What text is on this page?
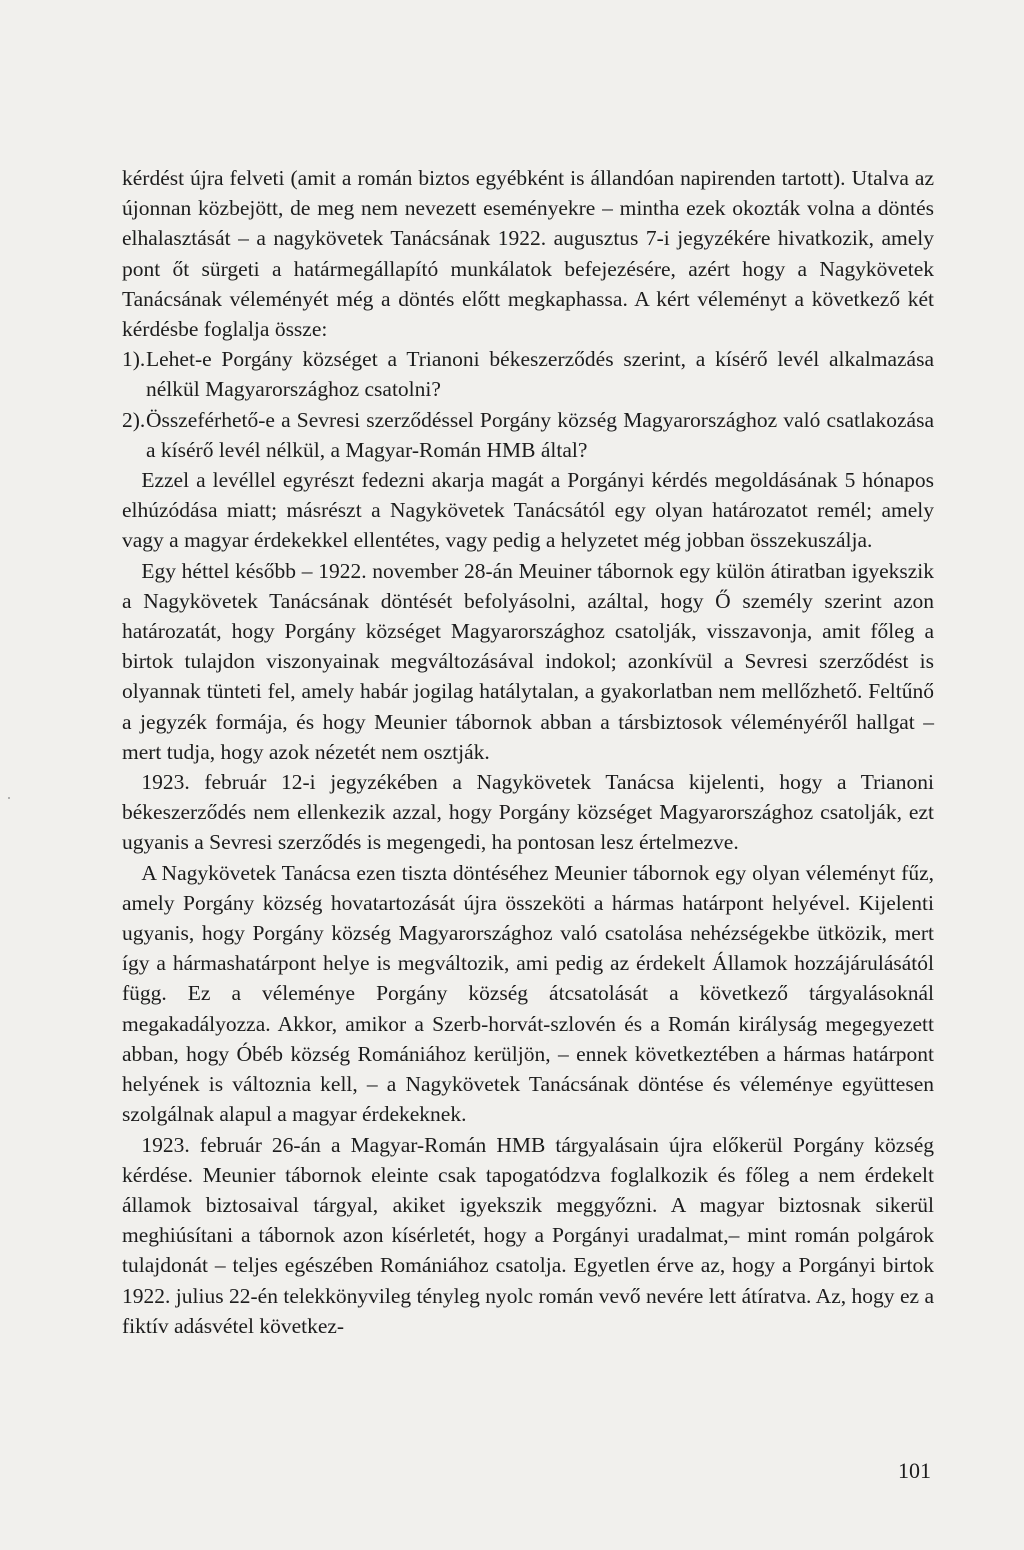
kérdést újra felveti (amit a román biztos egyébként is állandóan napirenden tartott). Utalva az újonnan közbejött, de meg nem nevezett eseményekre – mintha ezek okozták volna a döntés elhalasztását – a nagykövetek Tanácsának 1922. augusztus 7-i jegyzékére hivatkozik, amely pont őt sürgeti a határmegállapító munkálatok befejezésére, azért hogy a Nagykövetek Tanácsának véleményét még a döntés előtt megkaphassa. A kért véleményt a következő két kérdésbe foglalja össze:

1). Lehet-e Porgány községet a Trianoni békeszerződés szerint, a kísérő levél alkalmazása nélkül Magyarországhoz csatolni?
2). Összeférhető-e a Sevresi szerződéssel Porgány község Magyarországhoz való csatlakozása a kísérő levél nélkül, a Magyar-Román HMB által?

Ezzel a levéllel egyrészt fedezni akarja magát a Porgányi kérdés megoldásának 5 hónapos elhúzódása miatt; másrészt a Nagykövetek Tanácsától egy olyan határozatot remél; amely vagy a magyar érdekekkel ellentétes, vagy pedig a helyzetet még jobban összekuszálja.

Egy héttel később – 1922. november 28-án Meuiner tábornok egy külön átiratban igyekszik a Nagykövetek Tanácsának döntését befolyásolni, azáltal, hogy Ő személy szerint azon határozatát, hogy Porgány községet Magyarországhoz csatolják, visszavonja, amit főleg a birtok tulajdon viszonyainak megváltozásával indokol; azonkívül a Sevresi szerződést is olyannak tünteti fel, amely habár jogilag hatálytalan, a gyakorlatban nem mellőzhető. Feltűnő a jegyzék formája, és hogy Meunier tábornok abban a társbiztosok véleményéről hallgat – mert tudja, hogy azok nézetét nem osztják.

1923. február 12-i jegyzékében a Nagykövetek Tanácsa kijelenti, hogy a Trianoni békeszerződés nem ellenkezik azzal, hogy Porgány községet Magyarországhoz csatolják, ezt ugyanis a Sevresi szerződés is megengedi, ha pontosan lesz értelmezve.

A Nagykövetek Tanácsa ezen tiszta döntéséhez Meunier tábornok egy olyan véleményt fűz, amely Porgány község hovatartozását újra összeköti a hármas határpont helyével. Kijelenti ugyanis, hogy Porgány község Magyarországhoz való csatolása nehézségekbe ütközik, mert így a hármashatárpont helye is megváltozik, ami pedig az érdekelt Államok hozzájárulásától függ. Ez a véleménye Porgány község átcsatolását a következő tárgyalásoknál megakadályozza. Akkor, amikor a Szerb-horvát-szlovén és a Román királyság megegyezett abban, hogy Óbéb község Romániához kerüljön, – ennek következtében a hármas határpont helyének is változnia kell, – a Nagykövetek Tanácsának döntése és véleménye együttesen szolgálnak alapul a magyar érdekeknek.

1923. február 26-án a Magyar-Román HMB tárgyalásain újra előkerül Porgány község kérdése. Meunier tábornok eleinte csak tapogatódzva foglalkozik és főleg a nem érdekelt államok biztosaival tárgyal, akiket igyekszik meggyőzni. A magyar biztosnak sikerül meghiúsítani a tábornok azon kísérletét, hogy a Porgányi uradalmat,– mint román polgárok tulajdonát – teljes egészében Romániához csatolja. Egyetlen érve az, hogy a Porgányi birtok 1922. julius 22-én telekkönyvileg tényleg nyolc román vevő nevére lett átíratva. Az, hogy ez a fiktív adásvétel következ-

101
